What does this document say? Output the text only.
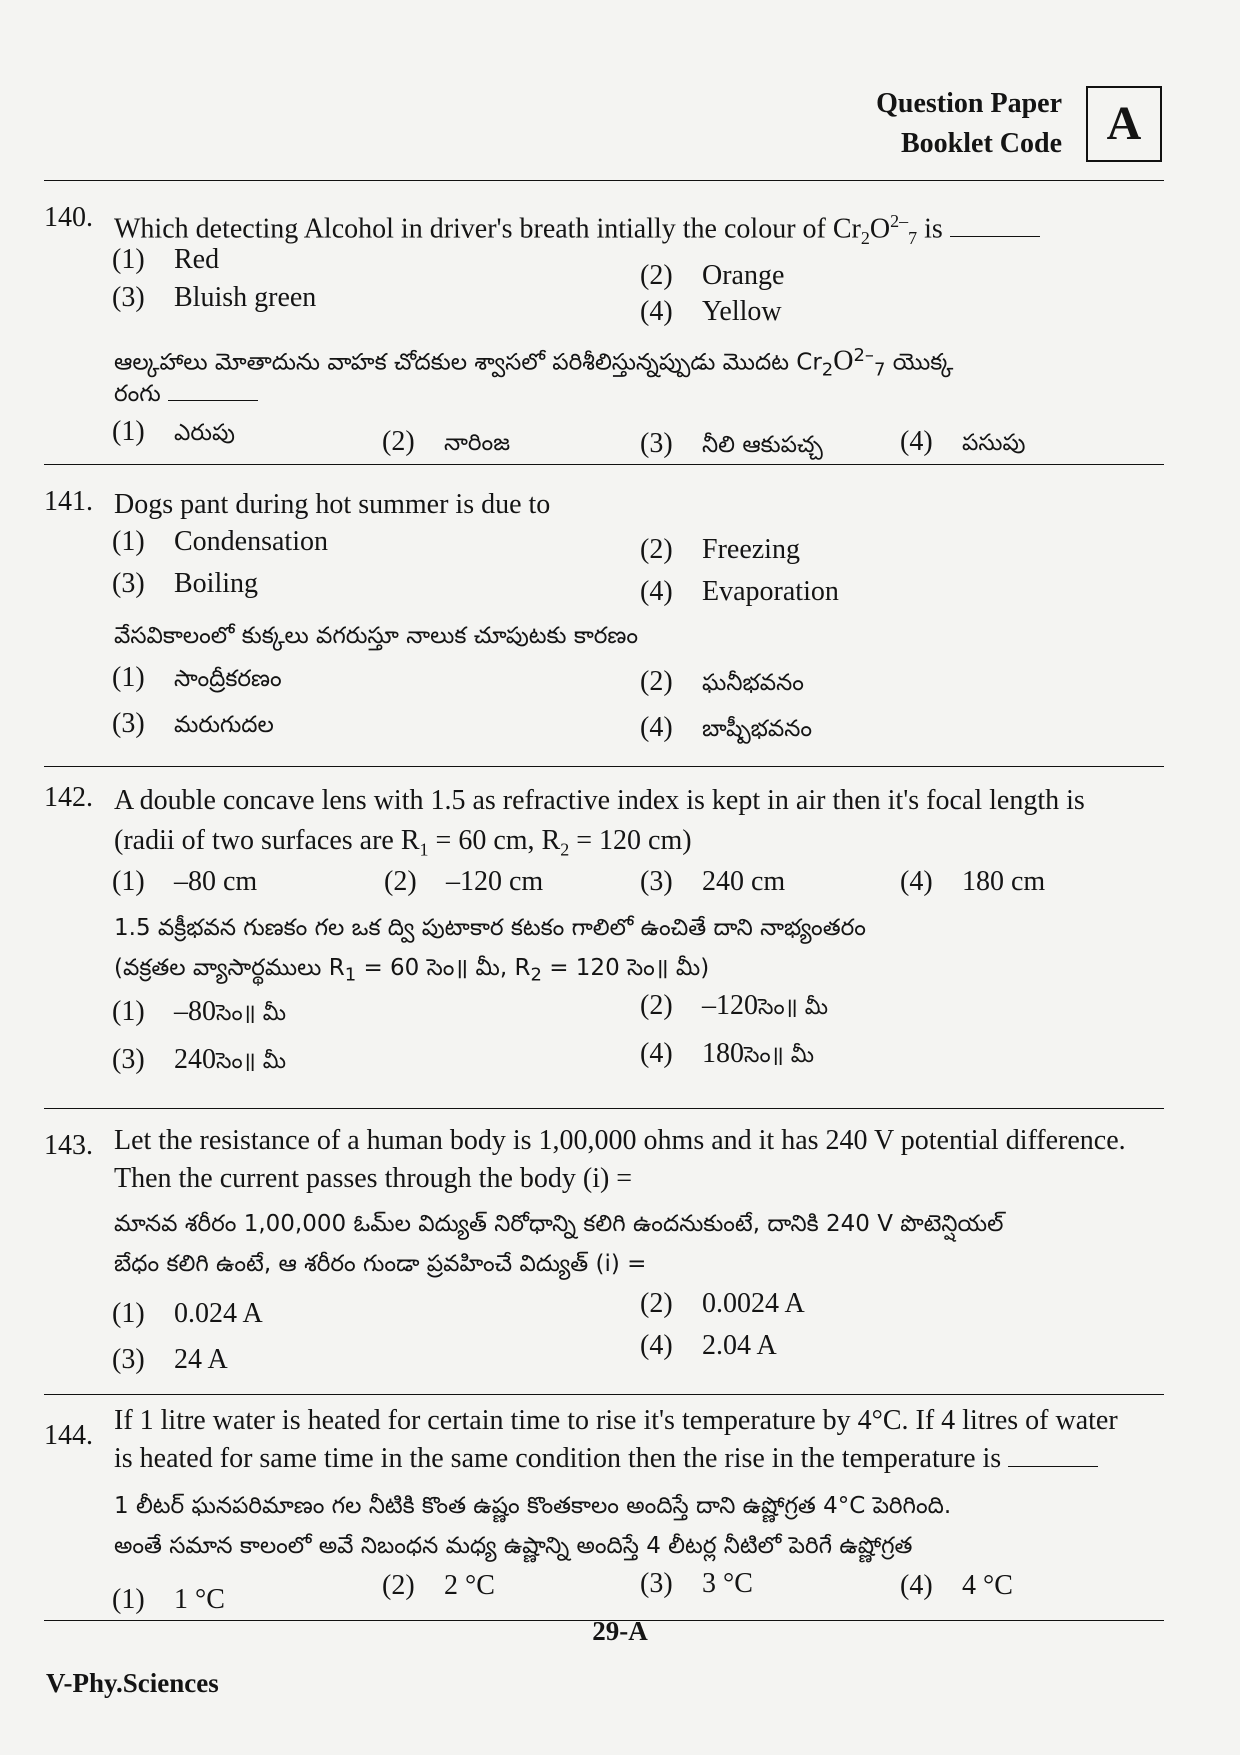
Question Paper
Booklet Code A
140. Which detecting Alcohol in driver's breath intially the colour of $Cr_2O^{2-}_7$ is
(1) Red
(2) Orange
(3) Bluish green	(4) Yellow
ఆల్కహాలు మోతాదును వాహక చోదకుల శ్వాసలో పరిశీలిస్తున్నప్పుడు మొదట $Cr_2O^{2-}_7$ యొక్క
రంగు
(1) ఎరుపు	(2) నారింజ	(3) నీలి ఆకుపచ్చ	(4) పసుపు
141. Dogs pant during hot summer is due to
(1) Condensation	(2) Freezing
(3) Boiling	(4) Evaporation
వేసవికాలంలో కుక్కలు వగరుస్తూ నాలుక చూపుటకు కారణం
(1) సాంద్రీకరణం	(2) ఘనీభవనం
(3) మరుగుదల	(4) బాష్పీభవనం
142. A double concave lens with 1.5 as refractive index is kept in air then it's focal length is
(radii of two surfaces are $R_1 = 60$ cm, $R_2 = 120$ cm)
(1) –80 cm	(2) –120 cm	(3) 240 cm	(4) 180 cm
1.5 వక్రీభవన గుణకం గల ఒక ద్వి పుటాకార కటకం గాలిలో ఉంచితే దాని నాభ్యంతరం
(వక్రతల వ్యాసార్థములు $R_1 = 60$ సెం॥ మీ, $R_2 = 120$ సెం॥ మీ)
(1) –80సెం॥ మీ	(2) –120సెం॥ మీ
(3) 240సెం॥ మీ	(4) 180సెం॥ మీ
143. Let the resistance of a human body is 1,00,000 ohms and it has 240 V potential difference.
Then the current passes through the body (i) =
మానవ శరీరం 1,00,000 ఓమ్‌ల విద్యుత్ నిరోధాన్ని కలిగి ఉందనుకుంటే, దానికి 240 V పొటెన్షియల్
బేధం కలిగి ఉంటే, ఆ శరీరం గుండా ప్రవహించే విద్యుత్ (i) =
(1) 0.024 A	(2) 0.0024 A
(3) 24 A	(4) 2.04 A
144. If 1 litre water is heated for certain time to rise it's temperature by 4°C. If 4 litres of water
is heated for same time in the same condition then the rise in the temperature is
1 లీటర్ ఘనపరిమాణం గల నీటికి కొంత ఉష్ణం కొంతకాలం అందిస్తే దాని ఉష్ణోగ్రత 4°C పెరిగింది.
అంతే సమాన కాలంలో అవే నిబంధన మధ్య ఉష్ణాన్ని అందిస్తే 4 లీటర్ల నీటిలో పెరిగే ఉష్ణోగ్రత
(1) 1 °C	(2) 2 °C	(3) 3 °C	(4) 4 °C
29-A
V-Phy.Sciences
